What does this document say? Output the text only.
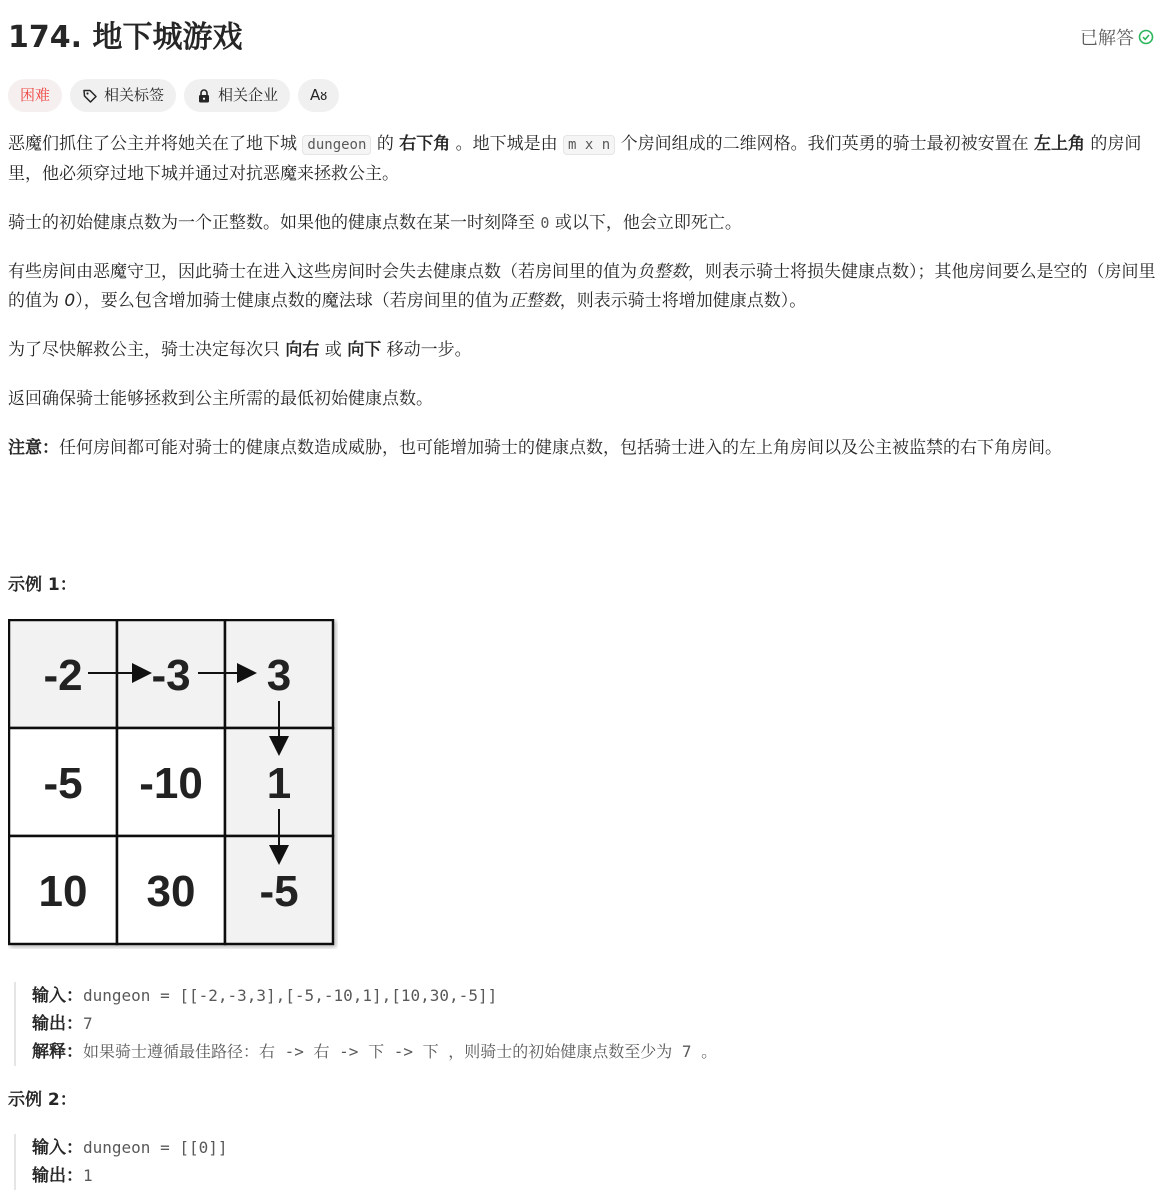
174. 地下城游戏	已解答
困难	相关标签	相关企业 Aᴕ

恶魔们抓住了公主并将她关在了地下城 dungeon 的 右下角 。地下城是由 m x n 个房间组成的二维网格。我们英勇的骑士最初被安置在 左上角 的房间里，他必须穿过地下城并通过对抗恶魔来拯救公主。

骑士的初始健康点数为一个正整数。如果他的健康点数在某一时刻降至 0 或以下，他会立即死亡。

有些房间由恶魔守卫，因此骑士在进入这些房间时会失去健康点数（若房间里的值为负整数，则表示骑士将损失健康点数）；其他房间要么是空的（房间里的值为 0），要么包含增加骑士健康点数的魔法球（若房间里的值为正整数，则表示骑士将增加健康点数）。

为了尽快解救公主，骑士决定每次只 向右 或 向下 移动一步。

返回确保骑士能够拯救到公主所需的最低初始健康点数。

注意：任何房间都可能对骑士的健康点数造成威胁，也可能增加骑士的健康点数，包括骑士进入的左上角房间以及公主被监禁的右下角房间。

示例 1：
-2 -3 3
-5 -10 1
10 30 -5
输入：dungeon = [[-2,-3,3],[-5,-10,1],[10,30,-5]]
输出：7
解释：如果骑士遵循最佳路径：右 -> 右 -> 下 -> 下 ，则骑士的初始健康点数至少为 7 。
示例 2：
输入：dungeon = [[0]]
输出：1
